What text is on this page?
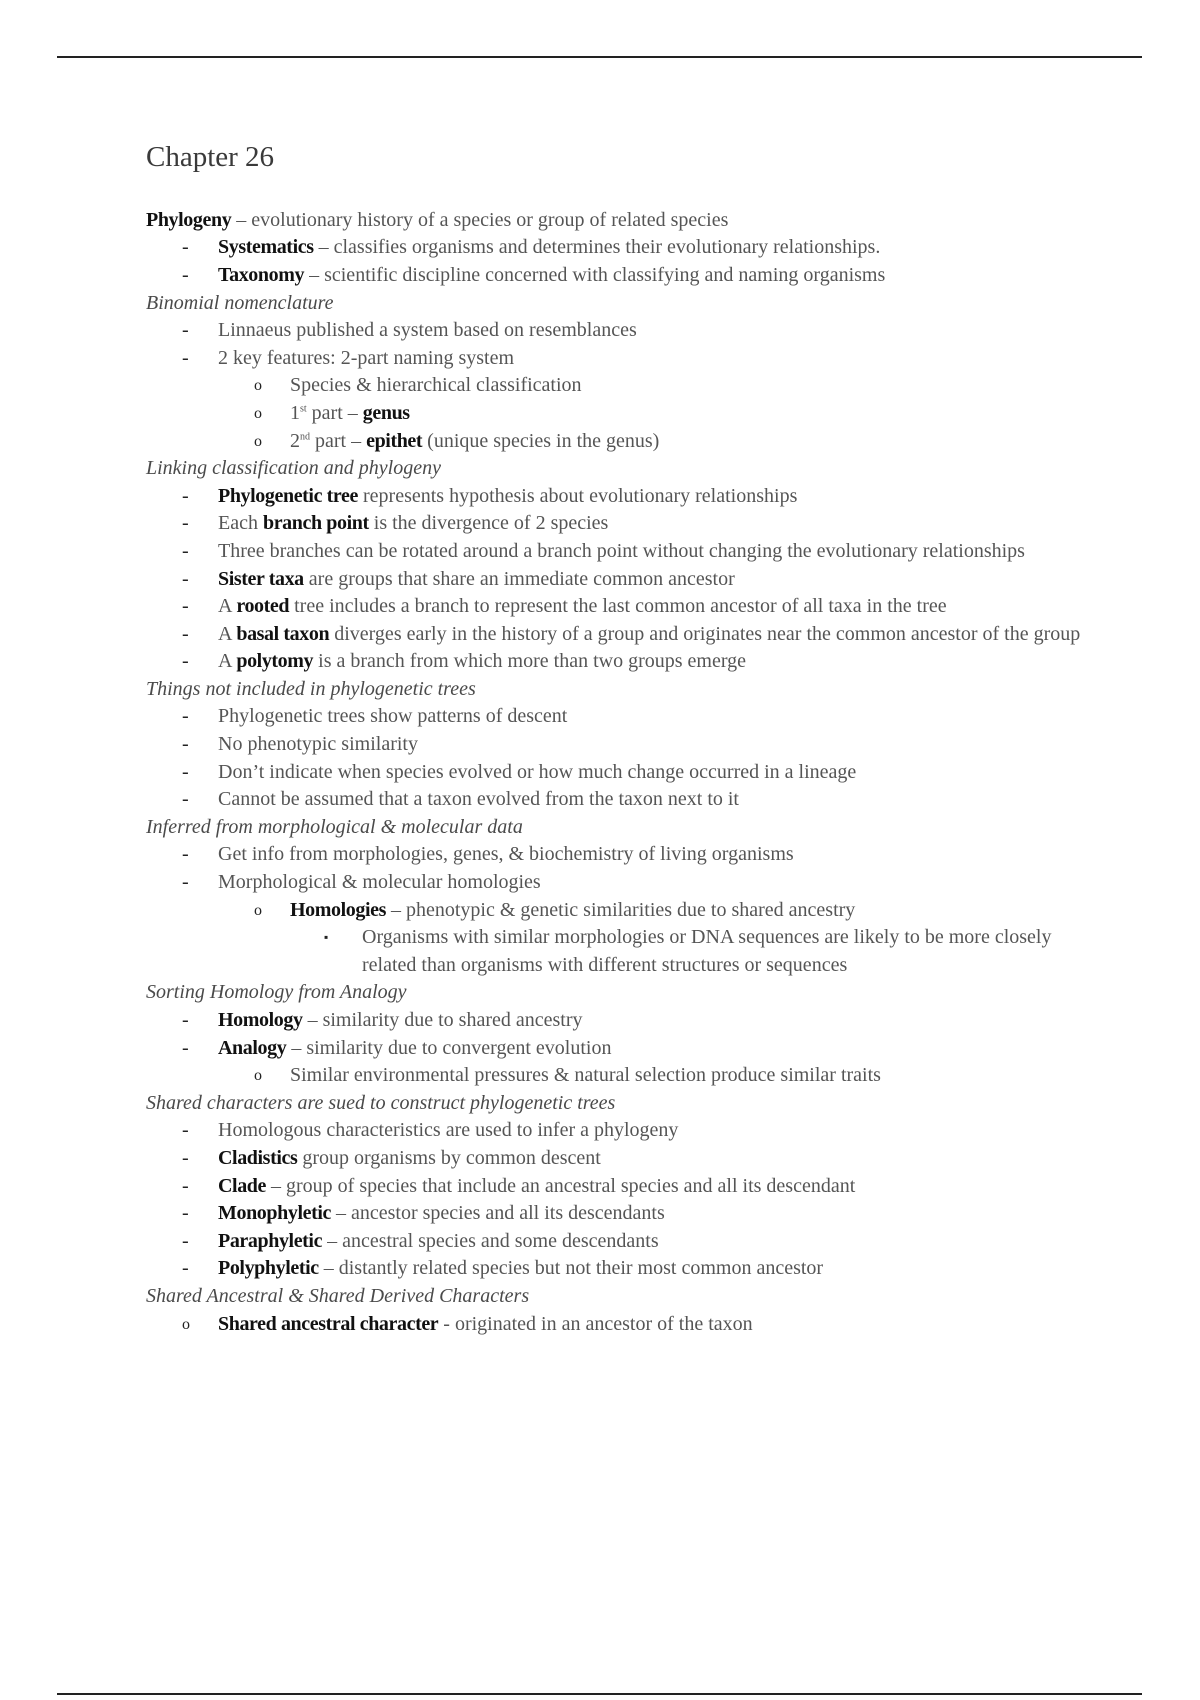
Chapter 26

Phylogeny – evolutionary history of a species or group of related species

-	Systematics – classifies organisms and determines their evolutionary relationships.

-	Taxonomy – scientific discipline concerned with classifying and naming organisms

Binomial nomenclature

-	Linnaeus published a system based on resemblances

-	2 key features: 2-part naming system

o	Species & hierarchical classification

o	1st part – genus

o	2nd part – epithet (unique species in the genus)

Linking classification and phylogeny

-	Phylogenetic tree represents hypothesis about evolutionary relationships

-	Each branch point is the divergence of 2 species

-	Three branches can be rotated around a branch point without changing the evolutionary relationships

-	Sister taxa are groups that share an immediate common ancestor

-	A rooted tree includes a branch to represent the last common ancestor of all taxa in the tree

-	A basal taxon diverges early in the history of a group and originates near the common ancestor of the group

-	A polytomy is a branch from which more than two groups emerge

Things not included in phylogenetic trees

-	Phylogenetic trees show patterns of descent

-	No phenotypic similarity

-	Don’t indicate when species evolved or how much change occurred in a lineage

-	Cannot be assumed that a taxon evolved from the taxon next to it

Inferred from morphological & molecular data

-	Get info from morphologies, genes, & biochemistry of living organisms

-	Morphological & molecular homologies

o	Homologies – phenotypic & genetic similarities due to shared ancestry

▪	Organisms with similar morphologies or DNA sequences are likely to be more closely related than organisms with different structures or sequences

Sorting Homology from Analogy

-	Homology – similarity due to shared ancestry

-	Analogy – similarity due to convergent evolution

o	Similar environmental pressures & natural selection produce similar traits

Shared characters are sued to construct phylogenetic trees

-	Homologous characteristics are used to infer a phylogeny

-	Cladistics group organisms by common descent

-	Clade – group of species that include an ancestral species and all its descendant

-	Monophyletic – ancestor species and all its descendants

-	Paraphyletic – ancestral species and some descendants

-	Polyphyletic – distantly related species but not their most common ancestor

Shared Ancestral & Shared Derived Characters

o	Shared ancestral character - originated in an ancestor of the taxon
